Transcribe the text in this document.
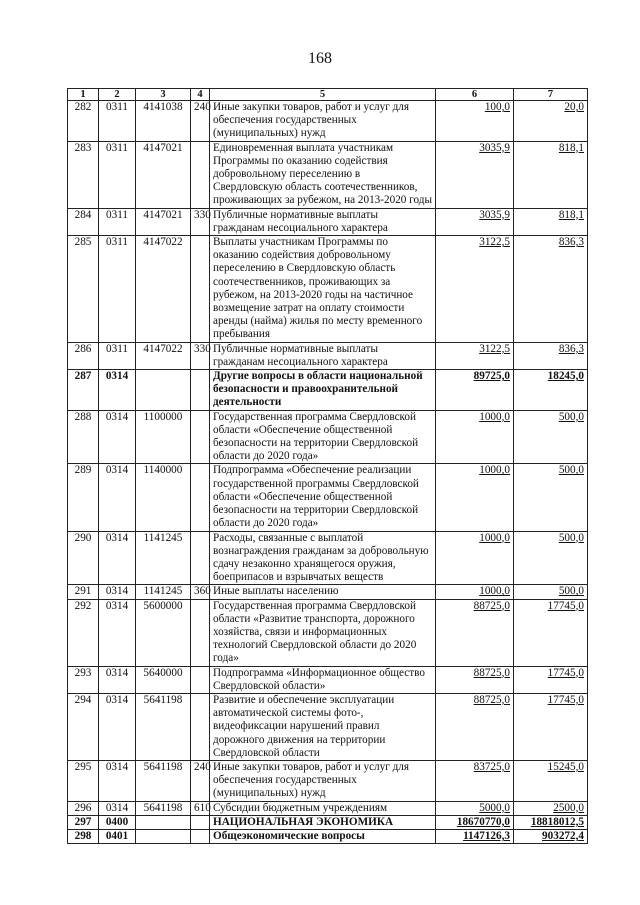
168
1	2	3	4	5	6	7
282	0311	4141038	240	Иные закупки товаров, работ и услуг для обеспечения государственных (муниципальных) нужд	100,0	20,0
283	0311	4147021		Единовременная выплата участникам Программы по оказанию содействия добровольному переселению в Свердловскую область соотечественников, проживающих за рубежом, на 2013-2020 годы	3035,9	818,1
284	0311	4147021	330	Публичные нормативные выплаты гражданам несоциального характера	3035,9	818,1
285	0311	4147022		Выплаты участникам Программы по оказанию содействия добровольному переселению в Свердловскую область соотечественников, проживающих за рубежом, на 2013-2020 годы на частичное возмещение затрат на оплату стоимости аренды (найма) жилья по месту временного пребывания	3122,5	836,3
286	0311	4147022	330	Публичные нормативные выплаты гражданам несоциального характера	3122,5	836,3
287	0314			Другие вопросы в области национальной безопасности и правоохранительной деятельности	89725,0	18245,0
288	0314	1100000		Государственная программа Свердловской области «Обеспечение общественной безопасности на территории Свердловской области до 2020 года»	1000,0	500,0
289	0314	1140000		Подпрограмма «Обеспечение реализации государственной программы Свердловской области «Обеспечение общественной безопасности на территории Свердловской области до 2020 года»	1000,0	500,0
290	0314	1141245		Расходы, связанные с выплатой вознаграждения гражданам за добровольную сдачу незаконно хранящегося оружия, боеприпасов и взрывчатых веществ	1000,0	500,0
291	0314	1141245	360	Иные выплаты населению	1000,0	500,0
292	0314	5600000		Государственная программа Свердловской области «Развитие транспорта, дорожного хозяйства, связи и информационных технологий Свердловской области до 2020 года»	88725,0	17745,0
293	0314	5640000		Подпрограмма «Информационное общество Свердловской области»	88725,0	17745,0
294	0314	5641198		Развитие и обеспечение эксплуатации автоматической системы фото-, видеофиксации нарушений правил дорожного движения на территории Свердловской области	88725,0	17745,0
295	0314	5641198	240	Иные закупки товаров, работ и услуг для обеспечения государственных (муниципальных) нужд	83725,0	15245,0
296	0314	5641198	610	Субсидии бюджетным учреждениям	5000,0	2500,0
297	0400			НАЦИОНАЛЬНАЯ ЭКОНОМИКА	18670770,0	18818012,5
298	0401			Общеэкономические вопросы	1147126,3	903272,4
